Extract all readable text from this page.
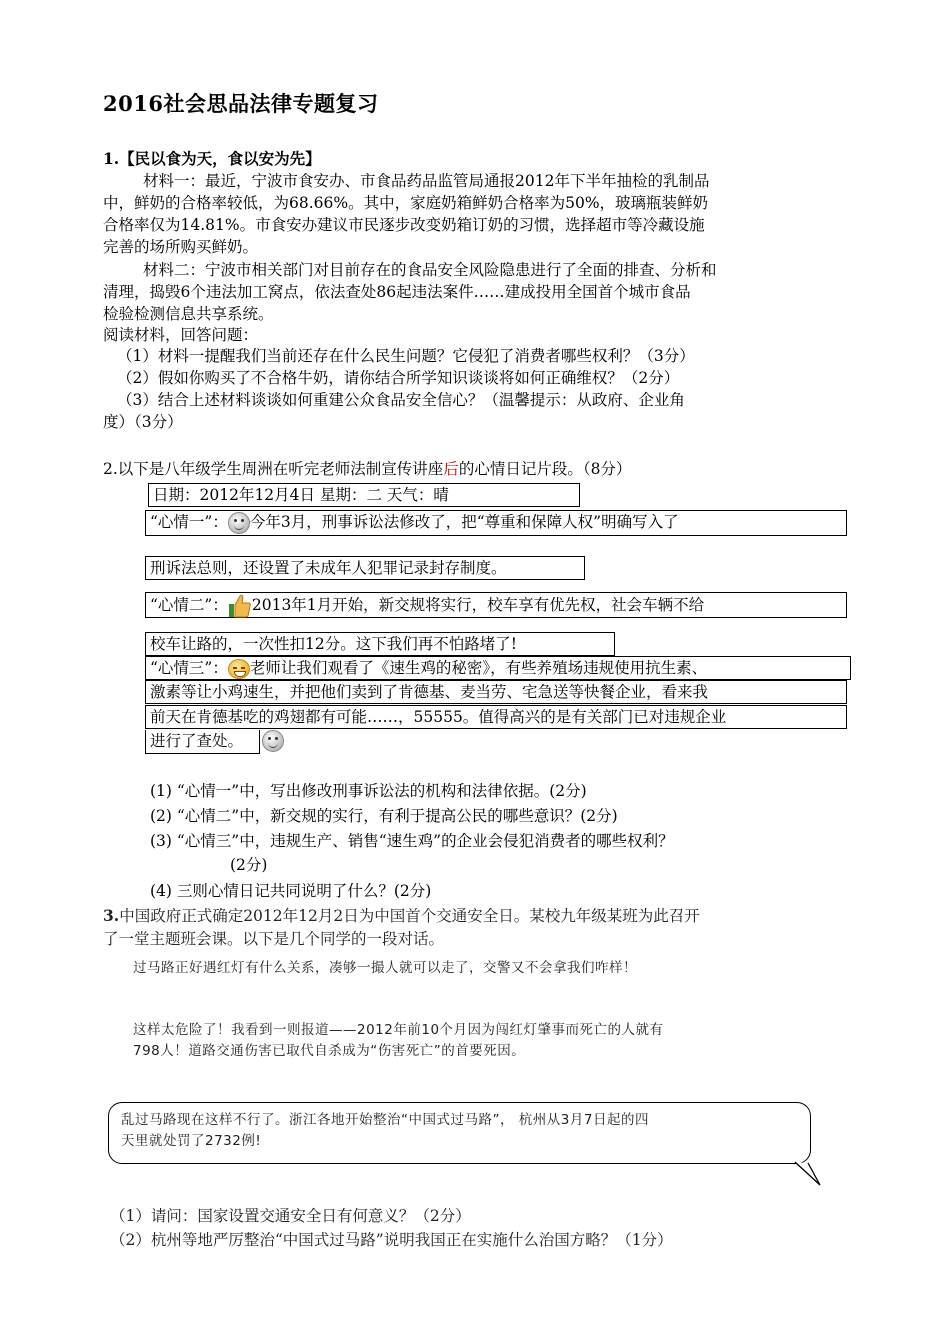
2016社会思品法律专题复习
1.【民以食为天，食以安为先】
材料一：最近，宁波市食安办、市食品药品监管局通报2012年下半年抽检的乳制品
中，鲜奶的合格率较低，为68.66%。其中，家庭奶箱鲜奶合格率为50%，玻璃瓶装鲜奶
合格率仅为14.81%。市食安办建议市民逐步改变奶箱订奶的习惯，选择超市等冷藏设施
完善的场所购买鲜奶。
材料二：宁波市相关部门对目前存在的食品安全风险隐患进行了全面的排查、分析和
清理，捣毁6个违法加工窝点，依法查处86起违法案件……建成投用全国首个城市食品
检验检测信息共享系统。
阅读材料，回答问题：
（1）材料一提醒我们当前还存在什么民生问题？它侵犯了消费者哪些权利？（3分）
（2）假如你购买了不合格牛奶，请你结合所学知识谈谈将如何正确维权？（2分）
（3）结合上述材料谈谈如何重建公众食品安全信心？（温馨提示：从政府、企业角
度）（3分）
2.以下是八年级学生周洲在听完老师法制宣传讲座后的心情日记片段。（8分）
日期：2012年12月4日 星期：二 天气：晴
“心情一”： 今年3月，刑事诉讼法修改了，把“尊重和保障人权”明确写入了
刑诉法总则，还设置了未成年人犯罪记录封存制度。
“心情二”： 2013年1月开始，新交规将实行，校车享有优先权，社会车辆不给
校车让路的，一次性扣12分。这下我们再不怕路堵了!
“心情三”： 老师让我们观看了《速生鸡的秘密》，有些养殖场违规使用抗生素、
激素等让小鸡速生，并把他们卖到了肯德基、麦当劳、宅急送等快餐企业，看来我
前天在肯德基吃的鸡翅都有可能……，55555。值得高兴的是有关部门已对违规企业
进行了查处。
(1) “心情一”中，写出修改刑事诉讼法的机构和法律依据。(2分)
(2) “心情二”中，新交规的实行，有利于提高公民的哪些意识？(2分)
(3) “心情三”中，违规生产、销售“速生鸡”的企业会侵犯消费者的哪些权利？
(2分)
(4) 三则心情日记共同说明了什么？(2分)
3.中国政府正式确定2012年12月2日为中国首个交通安全日。某校九年级某班为此召开
了一堂主题班会课。以下是几个同学的一段对话。
过马路正好遇红灯有什么关系，凑够一撮人就可以走了，交警又不会拿我们咋样！
这样太危险了！我看到一则报道——2012年前10个月因为闯红灯肇事而死亡的人就有
798人！道路交通伤害已取代自杀成为“伤害死亡”的首要死因。
乱过马路现在这样不行了。浙江各地开始整治“中国式过马路”， 杭州从3月7日起的四
天里就处罚了2732例!
（1）请问：国家设置交通安全日有何意义？（2分）
（2）杭州等地严厉整治“中国式过马路”说明我国正在实施什么治国方略？（1分）
